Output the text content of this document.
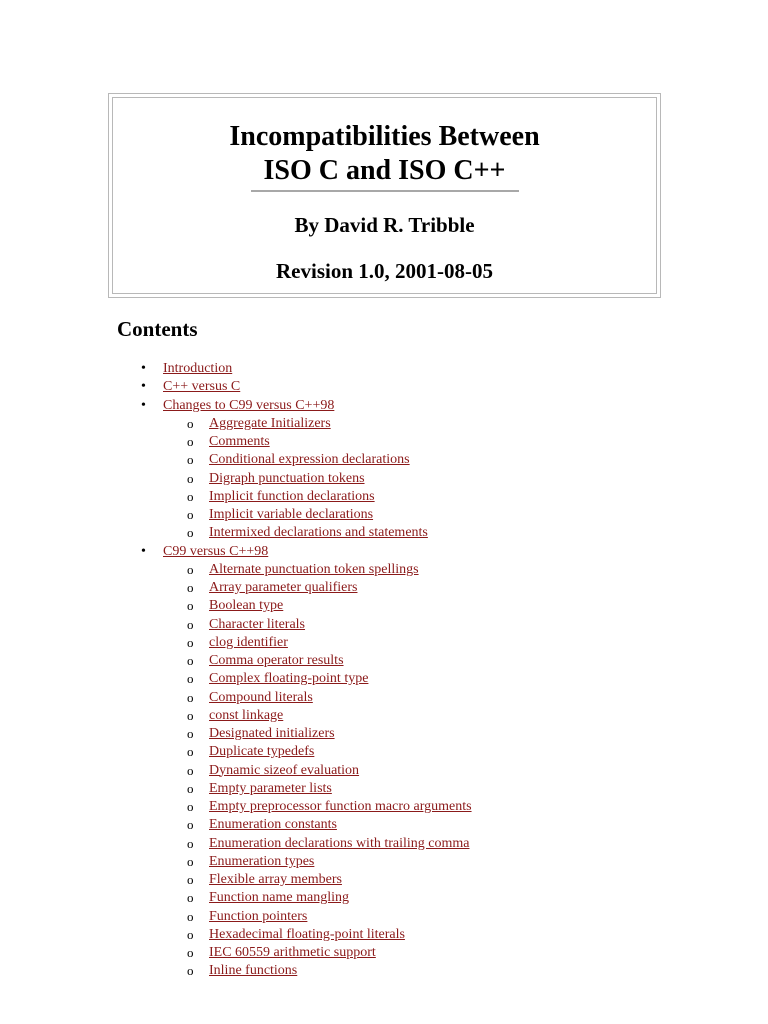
Incompatibilities Between
ISO C and ISO C++
By David R. Tribble
Revision 1.0, 2001-08-05
Contents
• Introduction
• C++ versus C
• Changes to C99 versus C++98
o Aggregate Initializers
o Comments
o Conditional expression declarations
o Digraph punctuation tokens
o Implicit function declarations
o Implicit variable declarations
o Intermixed declarations and statements
• C99 versus C++98
o Alternate punctuation token spellings
o Array parameter qualifiers
o Boolean type
o Character literals
o clog identifier
o Comma operator results
o Complex floating-point type
o Compound literals
o const linkage
o Designated initializers
o Duplicate typedefs
o Dynamic sizeof evaluation
o Empty parameter lists
o Empty preprocessor function macro arguments
o Enumeration constants
o Enumeration declarations with trailing comma
o Enumeration types
o Flexible array members
o Function name mangling
o Function pointers
o Hexadecimal floating-point literals
o IEC 60559 arithmetic support
o Inline functions
